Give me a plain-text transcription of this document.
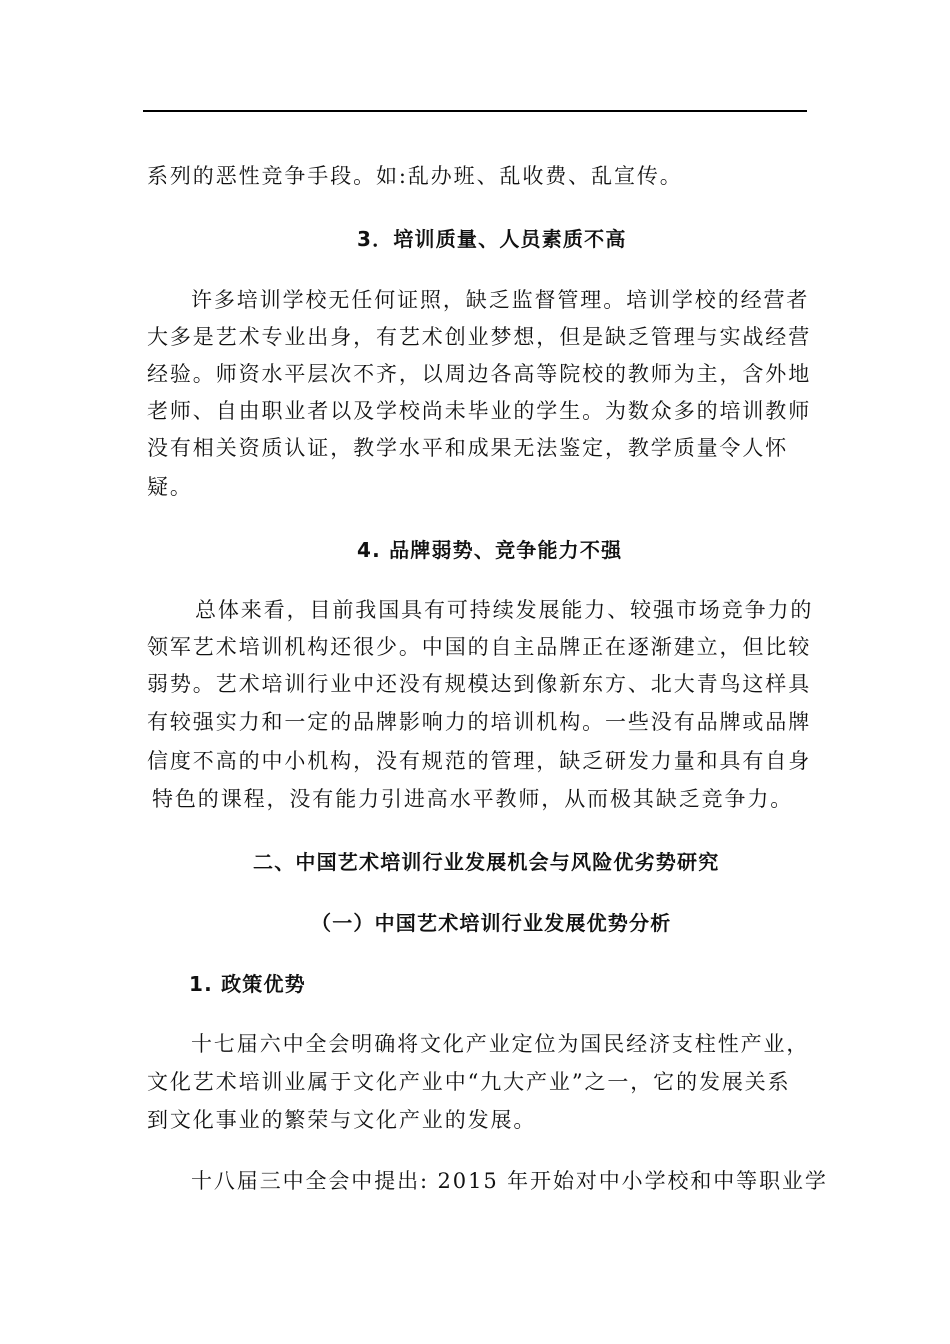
系列的恶性竞争手段。如:乱办班、乱收费、乱宣传。
3．培训质量、人员素质不高
许多培训学校无任何证照，缺乏监督管理。培训学校的经营者
大多是艺术专业出身，有艺术创业梦想，但是缺乏管理与实战经营
经验。师资水平层次不齐，以周边各高等院校的教师为主，含外地
老师、自由职业者以及学校尚未毕业的学生。为数众多的培训教师
没有相关资质认证，教学水平和成果无法鉴定，教学质量令人怀
疑。
4. 品牌弱势、竞争能力不强
总体来看，目前我国具有可持续发展能力、较强市场竞争力的
领军艺术培训机构还很少。中国的自主品牌正在逐渐建立，但比较
弱势。艺术培训行业中还没有规模达到像新东方、北大青鸟这样具
有较强实力和一定的品牌影响力的培训机构。一些没有品牌或品牌
信度不高的中小机构，没有规范的管理，缺乏研发力量和具有自身
特色的课程，没有能力引进高水平教师，从而极其缺乏竞争力。
二、中国艺术培训行业发展机会与风险优劣势研究
（一）中国艺术培训行业发展优势分析
1. 政策优势
十七届六中全会明确将文化产业定位为国民经济支柱性产业，
文化艺术培训业属于文化产业中“九大产业”之一，它的发展关系
到文化事业的繁荣与文化产业的发展。
十八届三中全会中提出: 2015 年开始对中小学校和中等职业学
